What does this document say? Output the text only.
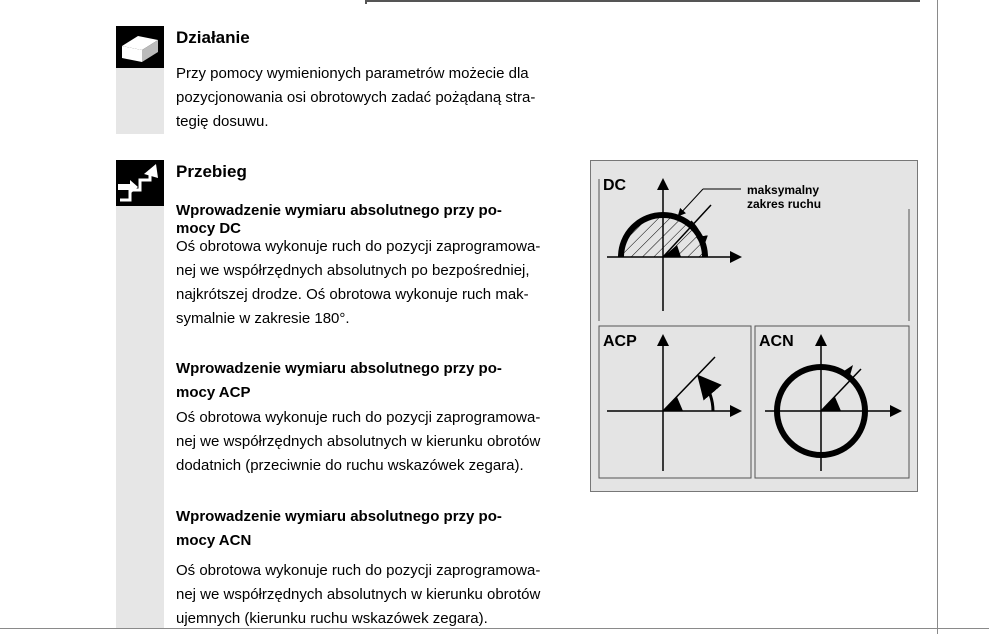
Działanie
Przy pomocy wymienionych parametrów możecie dla
pozycjonowania osi obrotowych zadać pożądaną stra-
tegię dosuwu.
Przebieg
Wprowadzenie wymiaru absolutnego przy po-
mocy DC
Oś obrotowa wykonuje ruch do pozycji zaprogramowa-
nej we współrzędnych absolutnych po bezpośredniej,
najkrótszej drodze. Oś obrotowa wykonuje ruch mak-
symalnie w zakresie 180°.
Wprowadzenie wymiaru absolutnego przy po-
mocy ACP
Oś obrotowa wykonuje ruch do pozycji zaprogramowa-
nej we współrzędnych absolutnych w kierunku obrotów
dodatnich (przeciwnie do ruchu wskazówek zegara).
Wprowadzenie wymiaru absolutnego przy po-
mocy ACN
Oś obrotowa wykonuje ruch do pozycji zaprogramowa-
nej we współrzędnych absolutnych w kierunku obrotów
ujemnych (kierunku ruchu wskazówek zegara).
DC	maksymalny
zakres ruchu
ACP	ACN
